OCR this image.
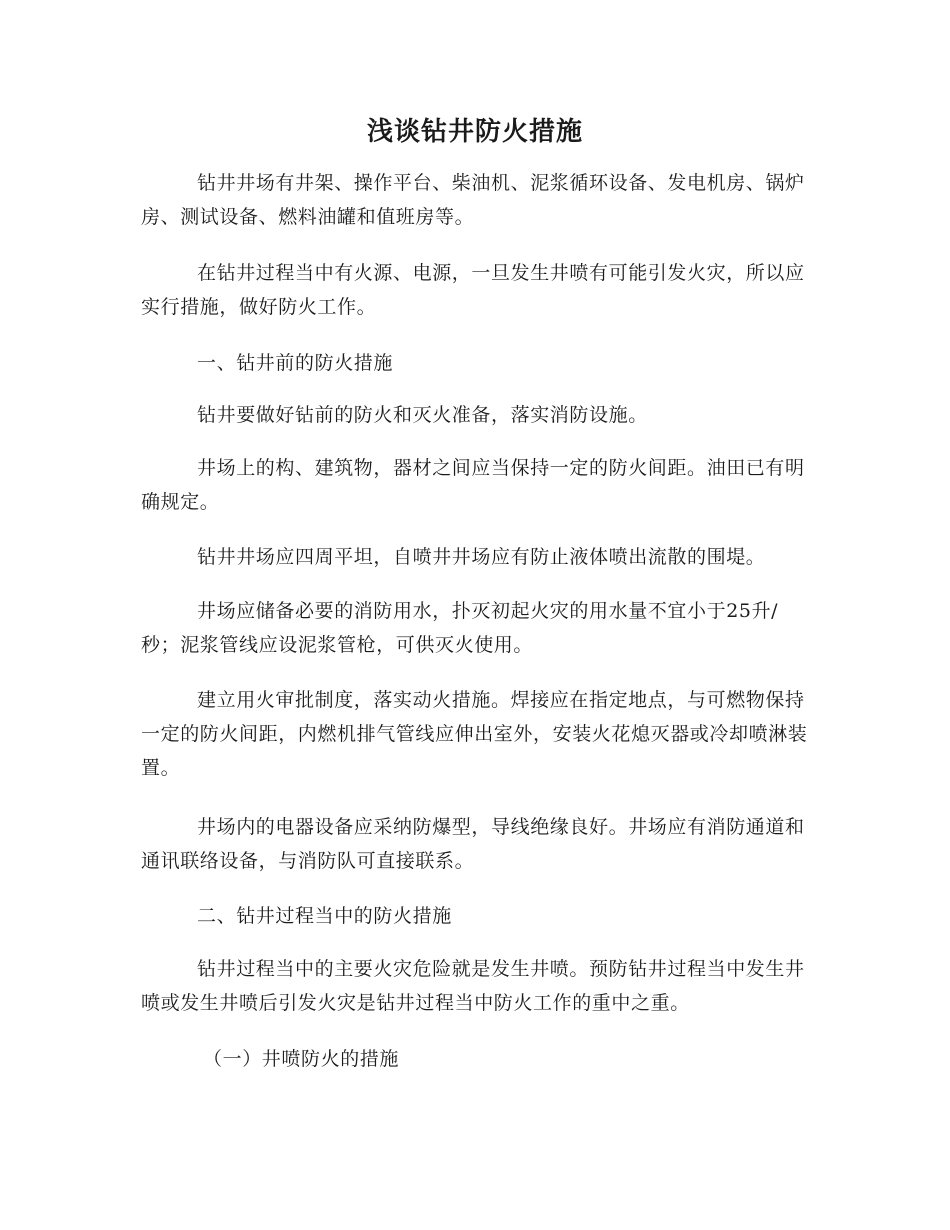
浅谈钻井防火措施
钻井井场有井架、操作平台、柴油机、泥浆循环设备、发电机房、锅炉房、测试设备、燃料油罐和值班房等。
在钻井过程当中有火源、电源，一旦发生井喷有可能引发火灾，所以应实行措施，做好防火工作。
一、钻井前的防火措施
钻井要做好钻前的防火和灭火准备，落实消防设施。
井场上的构、建筑物，器材之间应当保持一定的防火间距。油田已有明确规定。
钻井井场应四周平坦，自喷井井场应有防止液体喷出流散的围堤。
井场应储备必要的消防用水，扑灭初起火灾的用水量不宜小于25升/秒；泥浆管线应设泥浆管枪，可供灭火使用。
建立用火审批制度，落实动火措施。焊接应在指定地点，与可燃物保持一定的防火间距，内燃机排气管线应伸出室外，安装火花熄灭器或冷却喷淋装置。
井场内的电器设备应采纳防爆型，导线绝缘良好。井场应有消防通道和通讯联络设备，与消防队可直接联系。
二、钻井过程当中的防火措施
钻井过程当中的主要火灾危险就是发生井喷。预防钻井过程当中发生井喷或发生井喷后引发火灾是钻井过程当中防火工作的重中之重。
（一）井喷防火的措施
